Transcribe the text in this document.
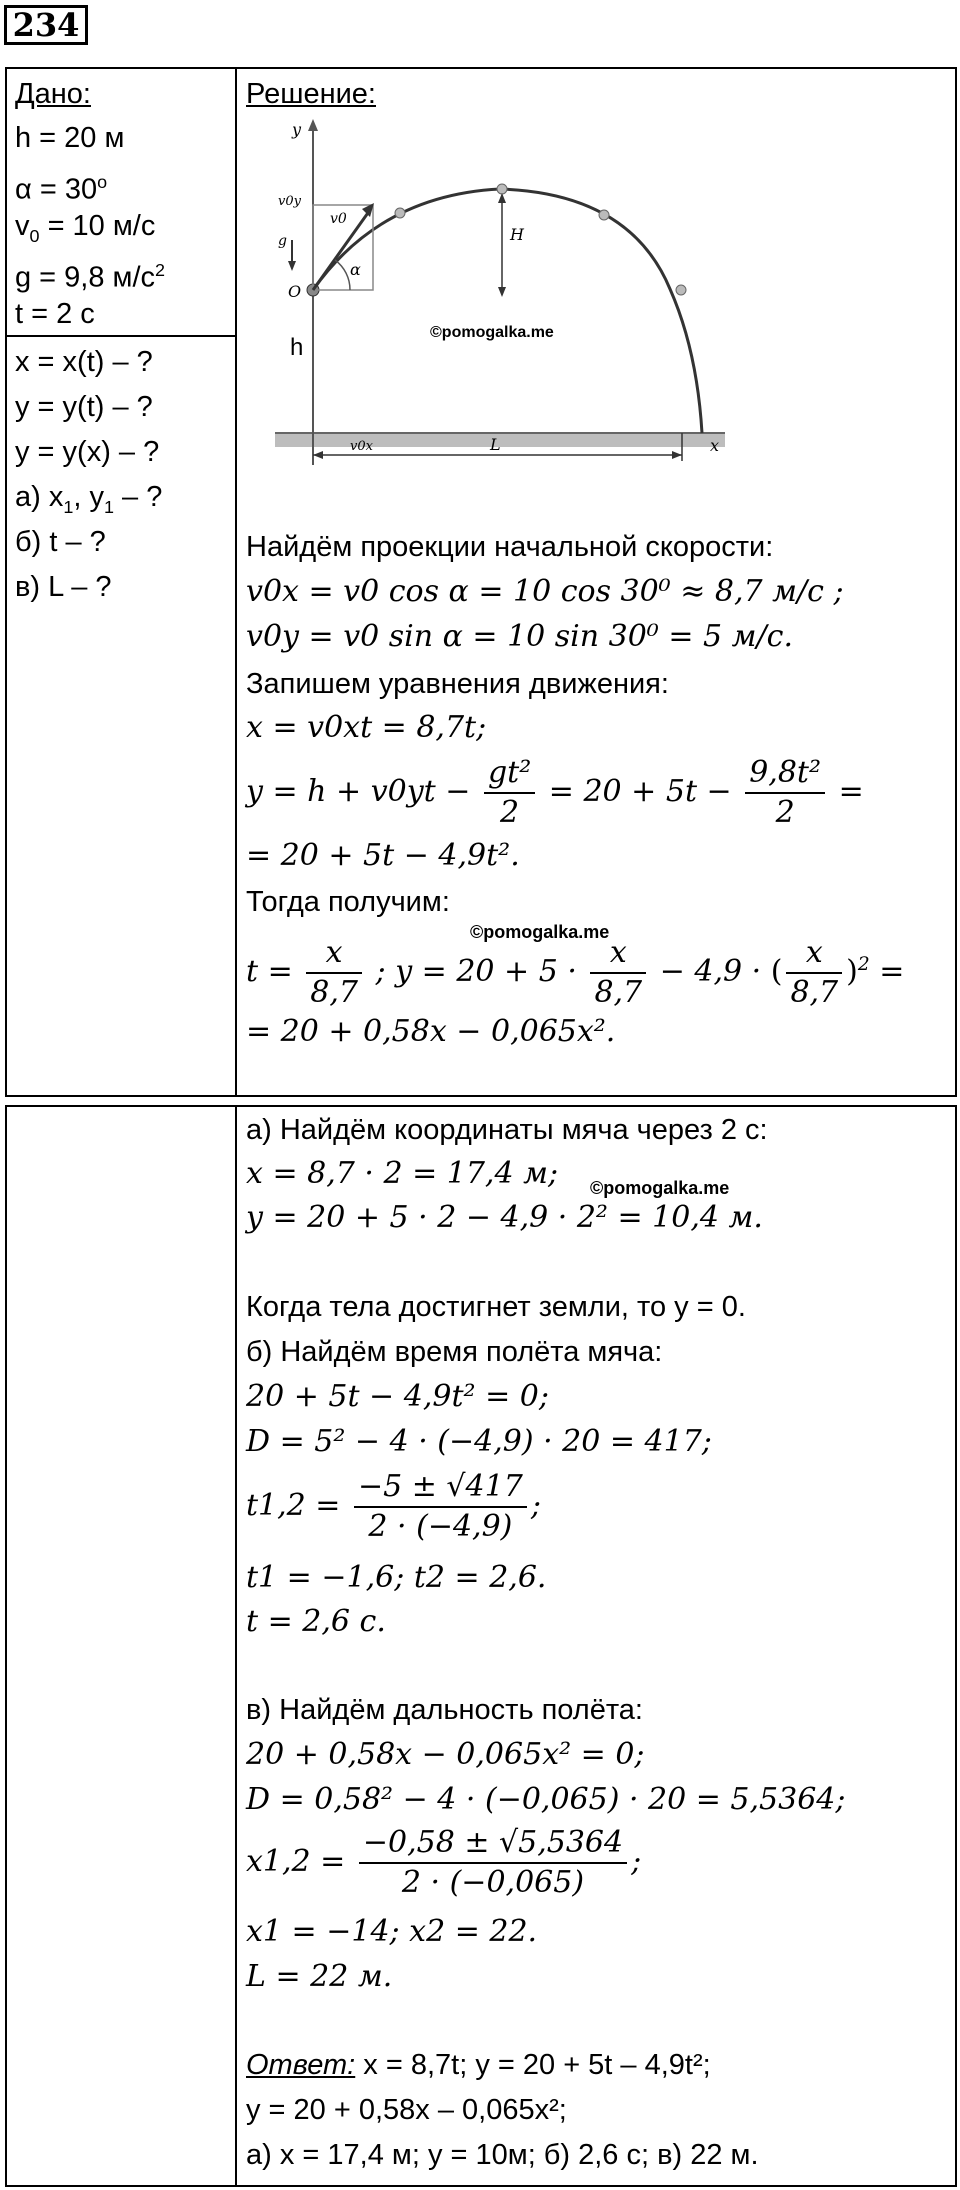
234
Дано:
h = 20 м
$\alpha = 30^o$
$v_0 = 10$ м/с
g = 9,8 $м/с^2$
t = 2 с
x = x(t) – ?
y = y(t) – ?
y = y(x) – ?
а) $x_1$, $y_1$ – ?
б) t – ?
в) L – ?
Решение:
y
x
α
v0
v0y
g
O
H
h
©pomogalka.me
v0x	L
Найдём проекции начальной скорости:
v0x = v0 cos α = 10 cos 30⁰ ≈ 8,7 м/с ;
v0y = v0 sin α = 10 sin 30⁰ = 5 м/с.
Запишем уравнения движения:
x = v0xt = 8,7t;
$y = h + v0yt - \frac{\text{gt²}}{2} = 20 + 5t - \frac{\text{9,8t²}}{2}$ =
= 20 + 5t − 4,9t².
Тогда получим:
©pomogalka.me
$t = \frac{x}{8,7}$ ; $y = 20 + 5 \cdot \frac{x}{8,7} - 4,9$ · ( $\frac{x}{8,7} )^2$ =
= 20 + 0,58x − 0,065x².
а) Найдём координаты мяча через 2 с:
x = 8,7 · 2 = 17,4 м; ©pomogalka.me
y = 20 + 5 · 2 − 4,9 · 2² = 10,4 м.
Когда тела достигнет земли, то y = 0.
б) Найдём время полёта мяча:
20 + 5t − 4,9t² = 0;
D = 5² − 4 · (−4,9) · 20 = 417;
$t1,2 = \frac{-5 \pm √417}{2 \cdot (-4,9)}$ ;
t1 = −1,6; t2 = 2,6.
t = 2,6 с.
в) Найдём дальность полёта:
20 + 0,58x − 0,065x² = 0;
D = 0,58² − 4 · (−0,065) · 20 = 5,5364;
$x1,2 = \frac{-0,58 \pm √5,5364}{2 \cdot (-0,065)}$ ;
x1 = −14; x2 = 22.
L = 22 м.
Ответ: x = 8,7t; y = 20 + 5t – 4,9t²;
y = 20 + 0,58x – 0,065x²;
а) x = 17,4 м; y = 10м; б) 2,6 с; в) 22 м.
